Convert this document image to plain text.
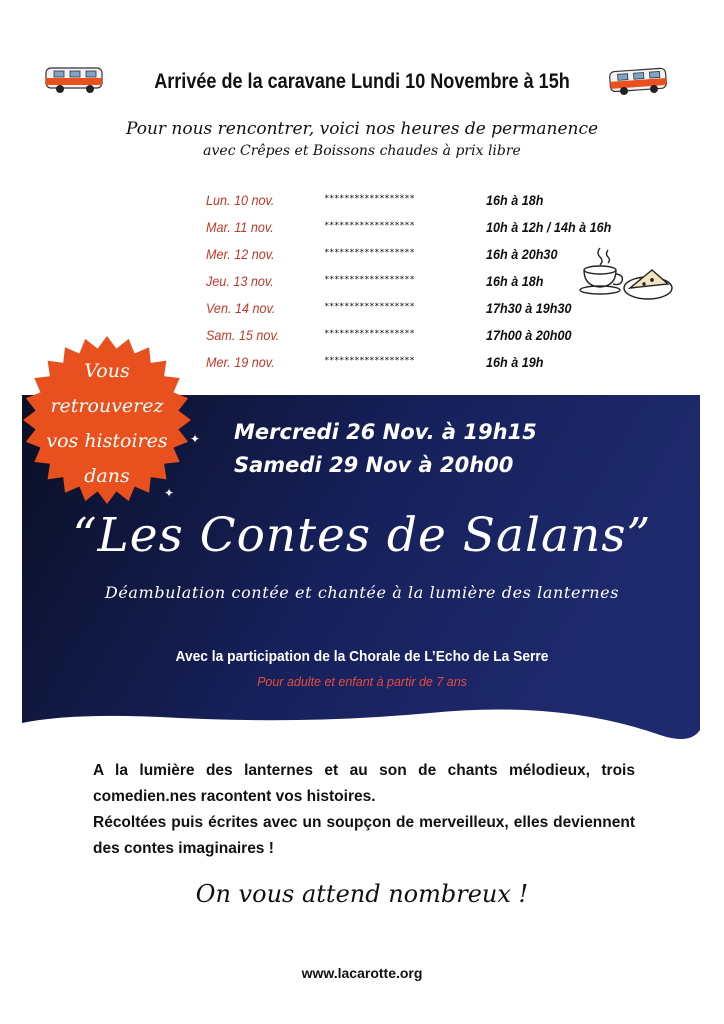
Arrivée de la caravane Lundi 10 Novembre à 15h
Pour nous rencontrer, voici nos heures de permanence
avec Crêpes et Boissons chaudes à prix libre
Lun. 10 nov.	******************	16h à 18h
Mar. 11 nov.	******************	10h à 12h / 14h à 16h
Mer. 12 nov.	******************	16h à 20h30
Jeu. 13 nov.	******************	16h à 18h
Ven. 14 nov.	******************	17h30 à 19h30
Sam. 15 nov.	******************	17h00 à 20h00
Mer. 19 nov.	******************	16h à 19h
Vous
retrouverez
vos histoires
dans
✦
✦
Mercredi 26 Nov. à 19h15
Samedi 29 Nov à 20h00
“Les Contes de Salans”
Déambulation contée et chantée à la lumière des lanternes
Avec la participation de la Chorale de L’Echo de La Serre
Pour adulte et enfant à partir de 7 ans

A la lumière des lanternes et au son de chants mélodieux, trois comedien.nes racontent vos histoires.

Récoltées puis écrites avec un soupçon de merveilleux, elles deviennent des contes imaginaires !

On vous attend nombreux !
www.lacarotte.org
